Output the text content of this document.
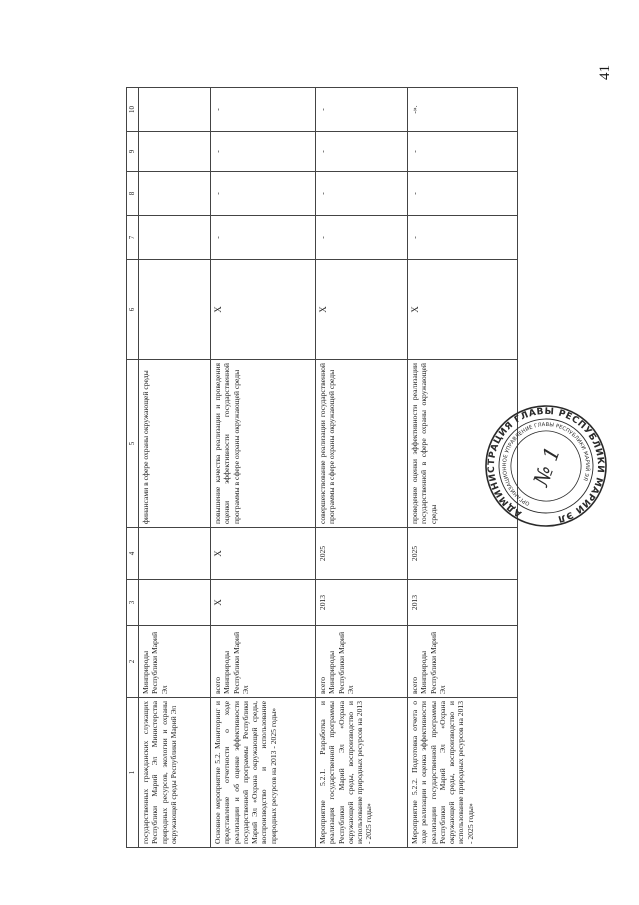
41
1	2	3	4	5	6	7	8	9	10
государственных гражданских служащих Республики Марий Эл Министерства природных ресурсов, экологии и охраны окружающей среды Республики Марий Эл	Минприроды Республики Марий Эл			финансами в сфере охраны окружающей среды					
Основное мероприятие 5.2. Мониторинг и представление отчетности о ходе реализации и об оценке эффективности государственной программы Республики Марий Эл «Охрана окружающей среды, воспроизводство и использование природных ресурсов на 2013 - 2025 годы»	всего Минприроды Республики Марий Эл	X	X	повышение качества реализации и проведения оценки эффективности государственной программы в сфере охраны окружающей среды	X	-	-	-	-
Мероприятие 5.2.1. Разработка и реализация государственной программы Республики Марий Эл «Охрана окружающей среды, воспроизводство и использование природных ресурсов на 2013 - 2025 годы»	всего Минприроды Республики Марий Эл	2013	2025	совершенствование реализации государственной программы в сфере охраны окружающей среды	X	-	-	-	-
Мероприятие 5.2.2. Подготовка отчета о ходе реализации и оценка эффективности реализации государственной программы Республики Марий Эл «Охрана окружающей среды, воспроизводство и использование природных ресурсов на 2013 - 2025 годы»	всего Минприроды Республики Марий Эл	2013	2025	проведение оценки эффективности реализации государственной в сфере охраны окружающей среды	X	-	-	-	-».
АДМИНИСТРАЦИЯ ГЛАВЫ РЕСПУБЛИКИ МАРИЙ ЭЛ
ОРГАНИЗАЦИОННОЕ УПРАВЛЕНИЕ ГЛАВЫ РЕСПУБЛИКИ МАРИЙ ЭЛ
№ 1
